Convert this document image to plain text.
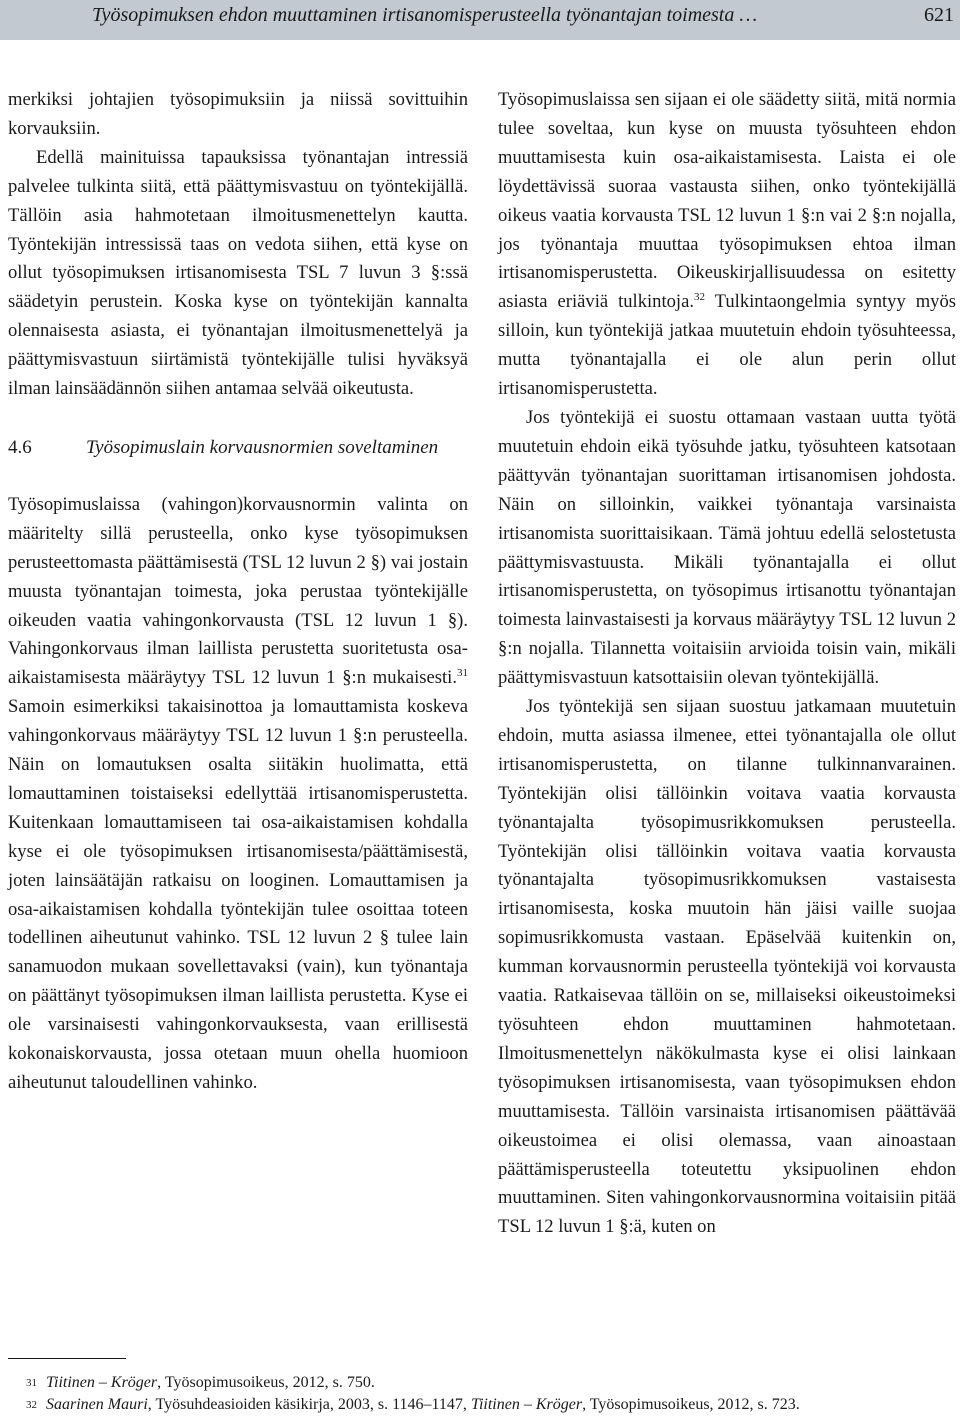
Työsopimuksen ehdon muuttaminen irtisanomisperusteella työnantajan toimesta …	621

merkiksi johtajien työsopimuksiin ja niissä sovittuihin korvauksiin.

Edellä mainituissa tapauksissa työnantajan intressiä palvelee tulkinta siitä, että päättymisvastuu on työntekijällä. Tällöin asia hahmotetaan ilmoitusmenettelyn kautta. Työntekijän intressissä taas on vedota siihen, että kyse on ollut työsopimuksen irtisanomisesta TSL 7 luvun 3 §:ssä säädetyin perustein. Koska kyse on työntekijän kannalta olennaisesta asiasta, ei työnantajan ilmoitusmenettelyä ja päättymisvastuun siirtämistä työntekijälle tulisi hyväksyä ilman lainsäädännön siihen antamaa selvää oikeutusta.

4.6	Työsopimuslain korvausnormien soveltaminen

Työsopimuslaissa (vahingon)korvausnormin valinta on määritelty sillä perusteella, onko kyse työsopimuksen perusteettomasta päättämisestä (TSL 12 luvun 2 §) vai jostain muusta työnantajan toimesta, joka perustaa työntekijälle oikeuden vaatia vahingonkorvausta (TSL 12 luvun 1 §). Vahingonkorvaus ilman laillista perustetta suoritetusta osa-aikaistamisesta määräytyy TSL 12 luvun 1 §:n mukaisesti.$^{31}$ Samoin esimerkiksi takaisinottoa ja lomauttamista koskeva vahingonkorvaus määräytyy TSL 12 luvun 1 §:n perusteella. Näin on lomautuksen osalta siitäkin huolimatta, että lomauttaminen toistaiseksi edellyttää irtisanomisperustetta. Kuitenkaan lomauttamiseen tai osa-aikaistamisen kohdalla kyse ei ole työsopimuksen irtisanomisesta/päättämisestä, joten lainsäätäjän ratkaisu on looginen. Lomauttamisen ja osa-aikaistamisen kohdalla työntekijän tulee osoittaa toteen todellinen aiheutunut vahinko. TSL 12 luvun 2 § tulee lain sanamuodon mukaan sovellettavaksi (vain), kun työnantaja on päättänyt työsopimuksen ilman laillista perustetta. Kyse ei ole varsinaisesti vahingonkorvauksesta, vaan erillisestä kokonaiskorvausta, jossa otetaan muun ohella huomioon aiheutunut taloudellinen vahinko.

Työsopimuslaissa sen sijaan ei ole säädetty siitä, mitä normia tulee soveltaa, kun kyse on muusta työsuhteen ehdon muuttamisesta kuin osa-aikaistamisesta. Laista ei ole löydettävissä suoraa vastausta siihen, onko työntekijällä oikeus vaatia korvausta TSL 12 luvun 1 §:n vai 2 §:n nojalla, jos työnantaja muuttaa työsopimuksen ehtoa ilman irtisanomisperustetta. Oikeuskirjallisuudessa on esitetty asiasta eriäviä tulkintoja.$^{32}$ Tulkintaongelmia syntyy myös silloin, kun työntekijä jatkaa muutetuin ehdoin työsuhteessa, mutta työnantajalla ei ole alun perin ollut irtisanomisperustetta.

Jos työntekijä ei suostu ottamaan vastaan uutta työtä muutetuin ehdoin eikä työsuhde jatku, työsuhteen katsotaan päättyvän työnantajan suorittaman irtisanomisen johdosta. Näin on silloinkin, vaikkei työnantaja varsinaista irtisanomista suorittaisikaan. Tämä johtuu edellä selostetusta päättymisvastuusta. Mikäli työnantajalla ei ollut irtisanomisperustetta, on työsopimus irtisanottu työnantajan toimesta lainvastaisesti ja korvaus määräytyy TSL 12 luvun 2 §:n nojalla. Tilannetta voitaisiin arvioida toisin vain, mikäli päättymisvastuun katsottaisiin olevan työntekijällä.

Jos työntekijä sen sijaan suostuu jatkamaan muutetuin ehdoin, mutta asiassa ilmenee, ettei työnantajalla ole ollut irtisanomisperustetta, on tilanne tulkinnanvarainen. Työntekijän olisi tällöinkin voitava vaatia korvausta työnantajalta työsopimusrikkomuksen perusteella. Työntekijän olisi tällöinkin voitava vaatia korvausta työnantajalta työsopimusrikkomuksen vastaisesta irtisanomisesta, koska muutoin hän jäisi vaille suojaa sopimusrikkomusta vastaan. Epäselvää kuitenkin on, kumman korvausnormin perusteella työntekijä voi korvausta vaatia. Ratkaisevaa tällöin on se, millaiseksi oikeustoimeksi työsuhteen ehdon muuttaminen hahmotetaan. Ilmoitusmenettelyn näkökulmasta kyse ei olisi lainkaan työsopimuksen irtisanomisesta, vaan työsopimuksen ehdon muuttamisesta. Tällöin varsinaista irtisanomisen päättävää oikeustoimea ei olisi olemassa, vaan ainoastaan päättämisperusteella toteutettu yksipuolinen ehdon muuttaminen. Siten vahingonkorvausnormina voitaisiin pitää TSL 12 luvun 1 §:ä, kuten on

31 Tiitinen – Kröger, Työsopimusoikeus, 2012, s. 750.
32 Saarinen Mauri, Työsuhdeasioiden käsikirja, 2003, s. 1146–1147, Tiitinen – Kröger, Työsopimusoikeus, 2012, s. 723.
